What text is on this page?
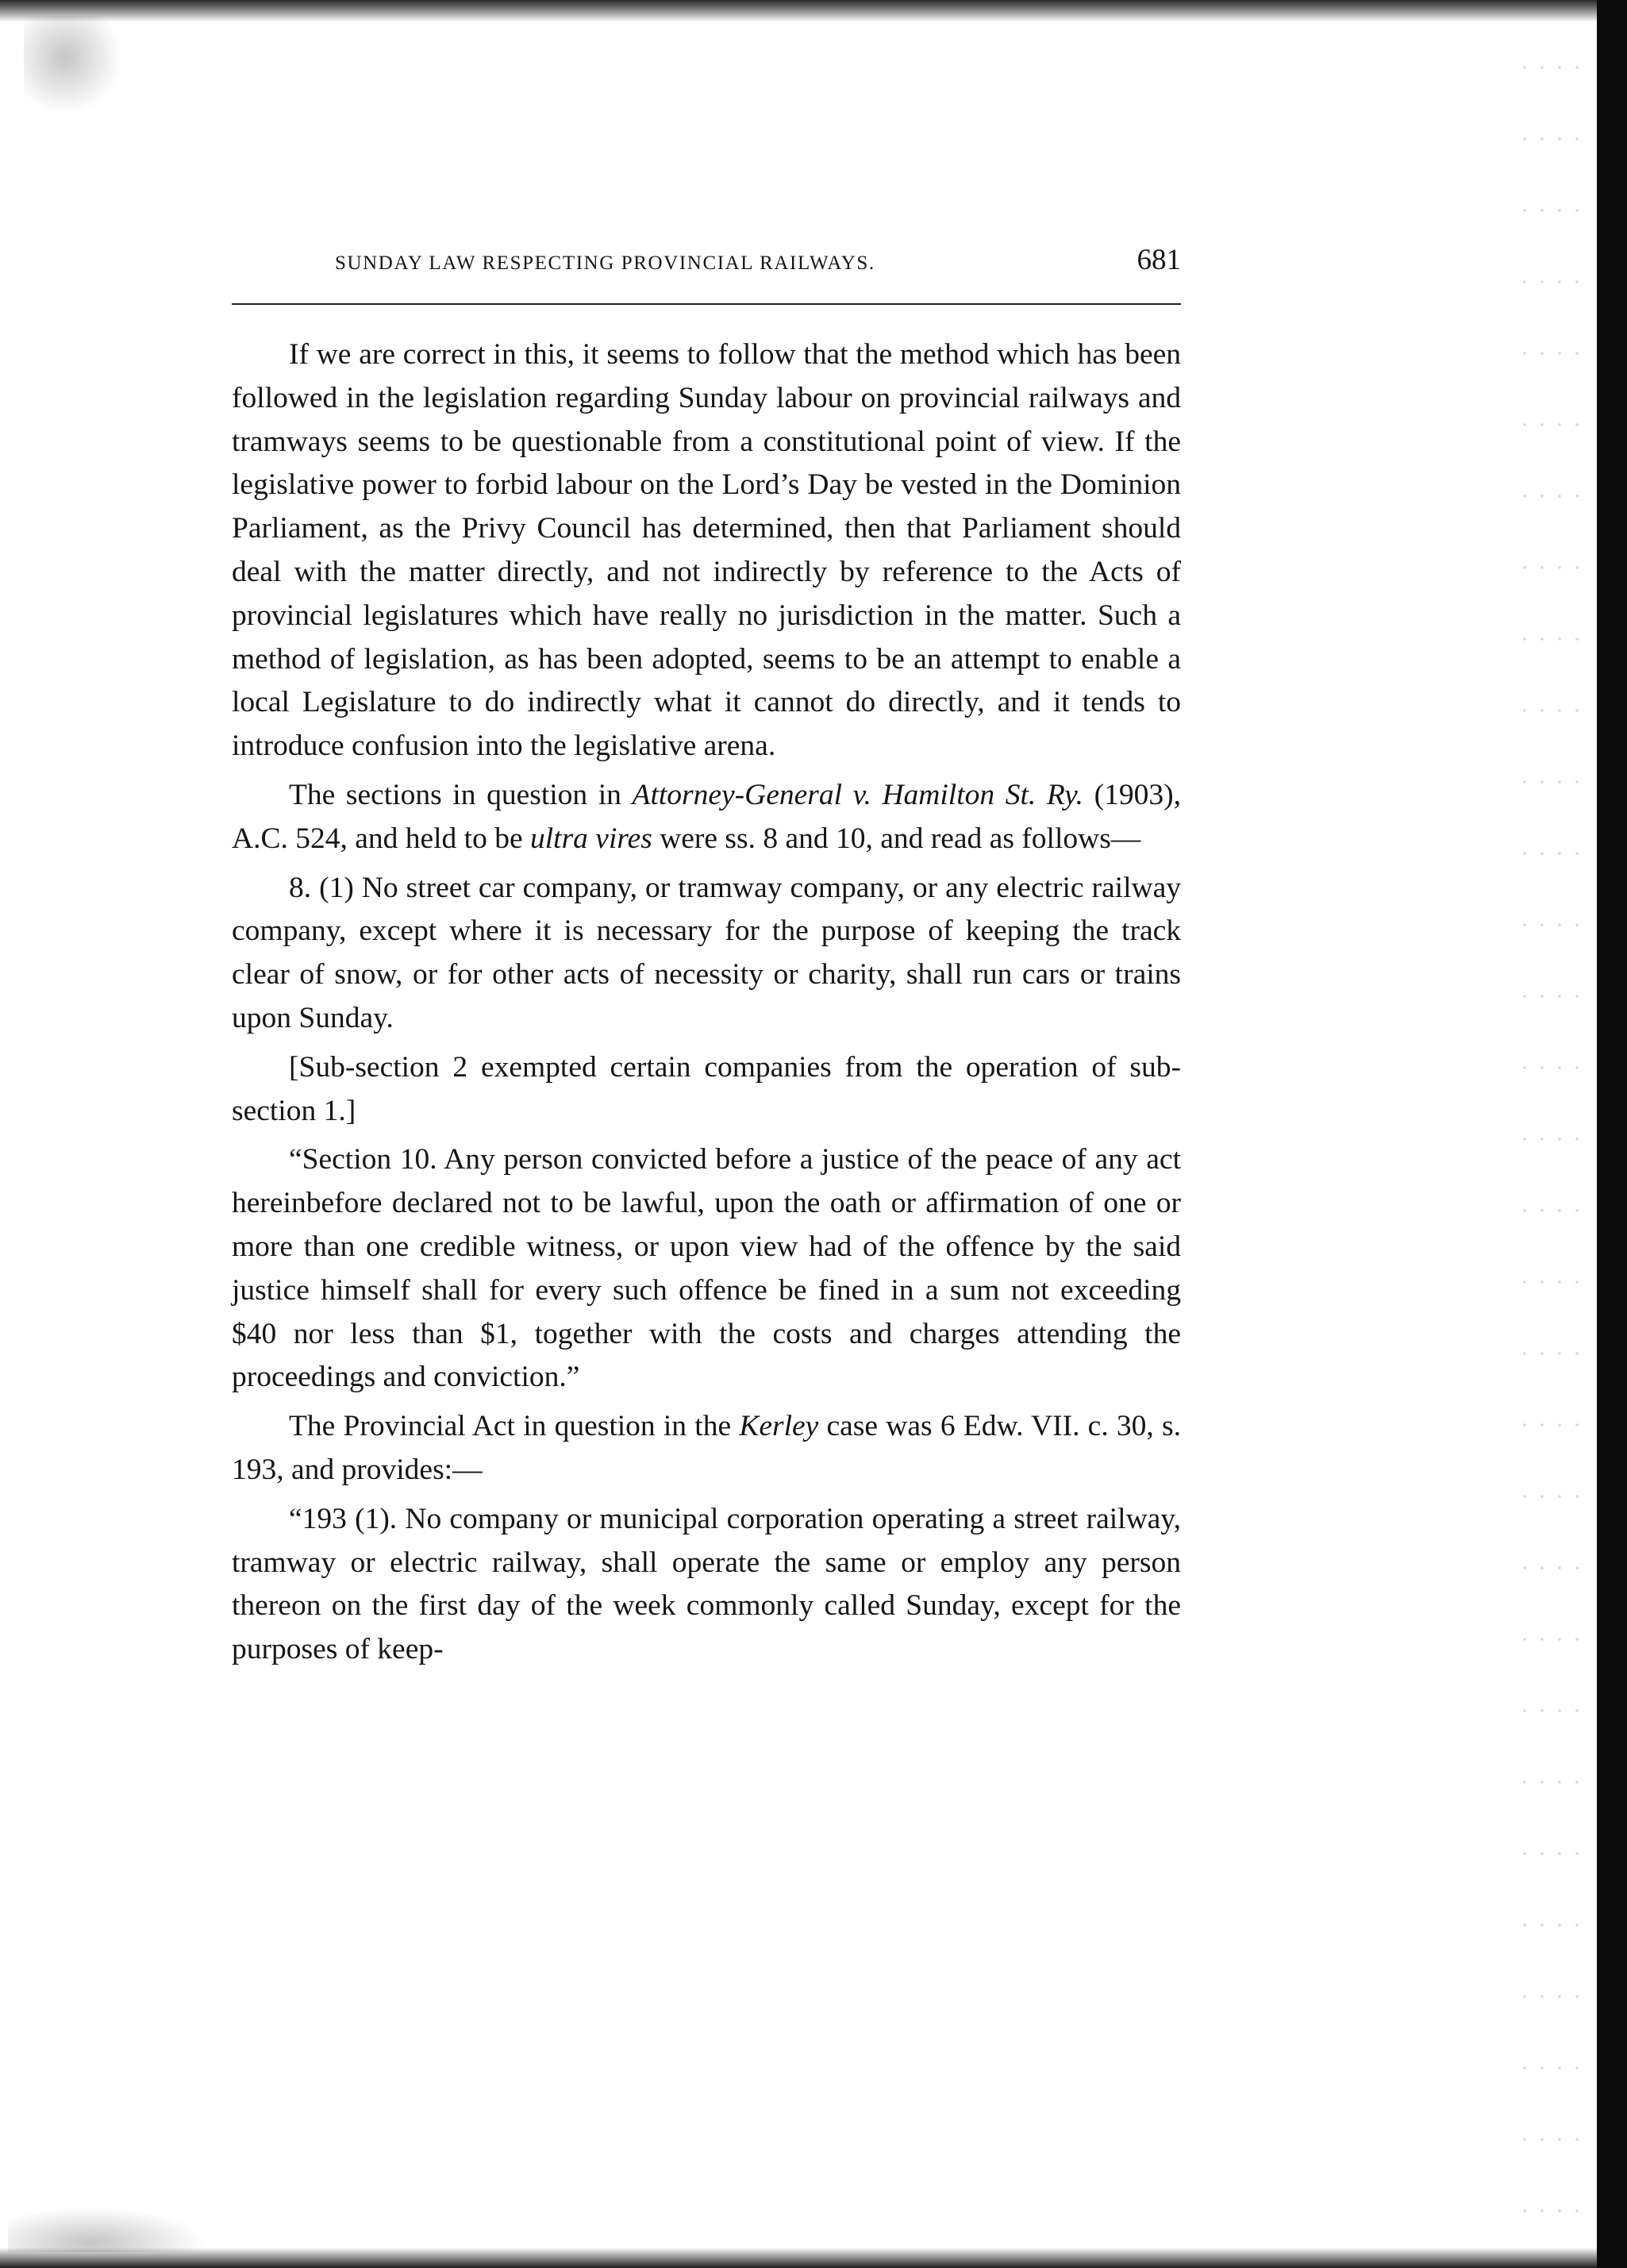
SUNDAY LAW RESPECTING PROVINCIAL RAILWAYS.	681

If we are correct in this, it seems to follow that the method which has been followed in the legislation regarding Sunday labour on provincial railways and tramways seems to be questionable from a constitutional point of view. If the legislative power to forbid labour on the Lord’s Day be vested in the Dominion Parliament, as the Privy Council has determined, then that Parliament should deal with the matter directly, and not indirectly by reference to the Acts of provincial legislatures which have really no jurisdiction in the matter. Such a method of legislation, as has been adopted, seems to be an attempt to enable a local Legislature to do indirectly what it cannot do directly, and it tends to introduce confusion into the legislative arena.

The sections in question in Attorney-General v. Hamilton St. Ry. (1903), A.C. 524, and held to be ultra vires were ss. 8 and 10, and read as follows—

8. (1) No street car company, or tramway company, or any electric railway company, except where it is necessary for the purpose of keeping the track clear of snow, or for other acts of necessity or charity, shall run cars or trains upon Sunday.

[Sub-section 2 exempted certain companies from the operation of sub-section 1.]

“Section 10. Any person convicted before a justice of the peace of any act hereinbefore declared not to be lawful, upon the oath or affirmation of one or more than one credible witness, or upon view had of the offence by the said justice himself shall for every such offence be fined in a sum not exceeding $40 nor less than $1, together with the costs and charges attending the proceedings and conviction.”

The Provincial Act in question in the Kerley case was 6 Edw. VII. c. 30, s. 193, and provides:—

“193 (1). No company or municipal corporation operating a street railway, tramway or electric railway, shall operate the same or employ any person thereon on the first day of the week commonly called Sunday, except for the purposes of keep-
